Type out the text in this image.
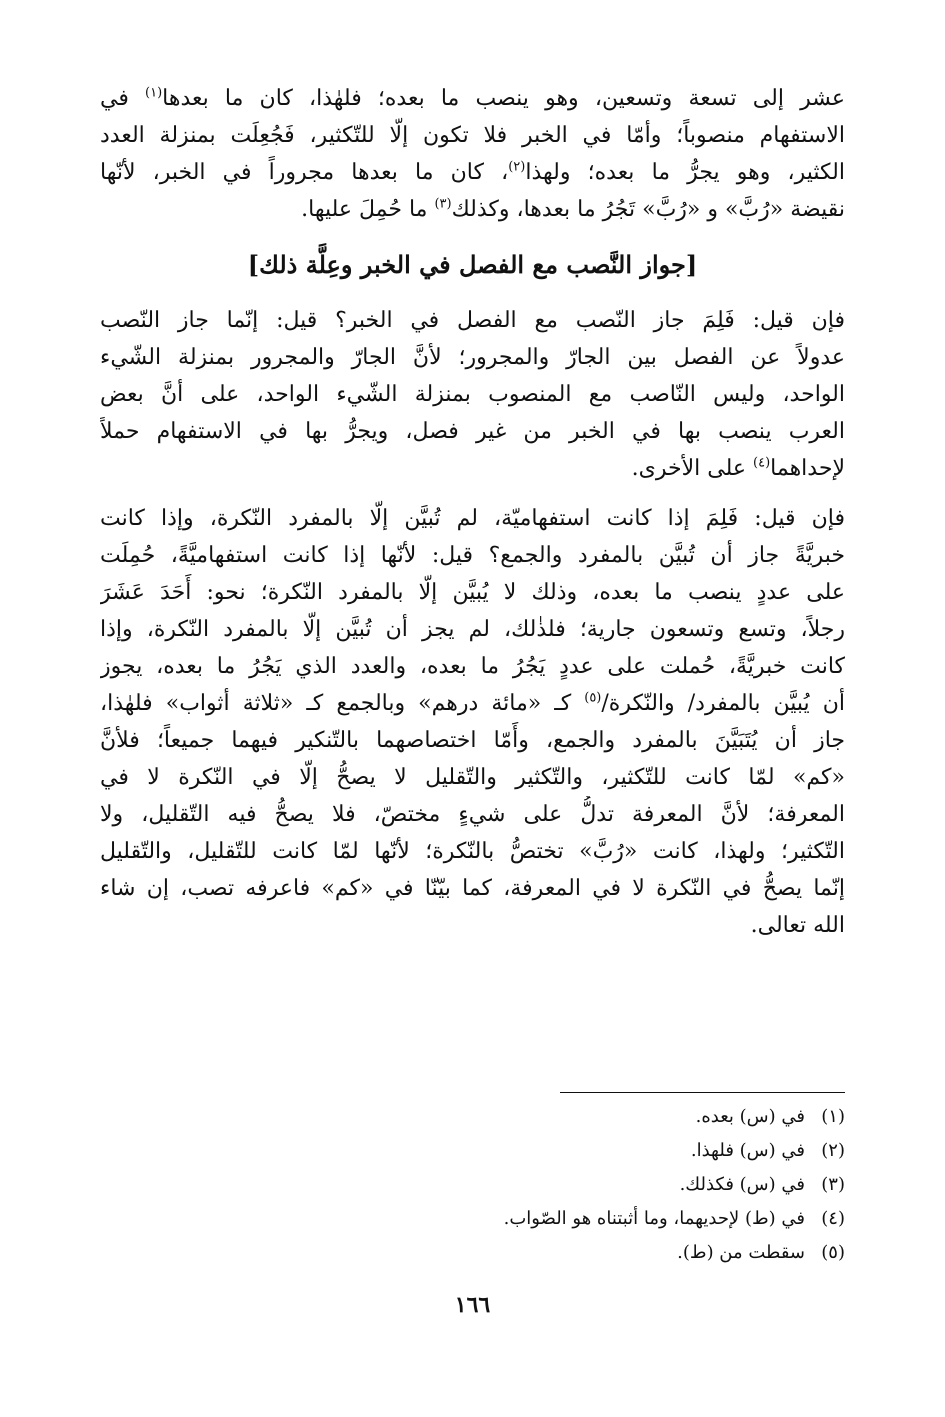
عشر إلى تسعة وتسعين، وهو ينصب ما بعده؛ فلهٰذا، كان ما بعدها$^{(١)}$ في
الاستفهام منصوباً؛ وأمّا في الخبر فلا تكون إلّا للتّكثير، فَجُعِلَت بمنزلة العدد
الكثير، وهو يجرُّ ما بعده؛ ولهذا$^{(٢)}$، كان ما بعدها مجروراً في الخبر، لأنّها
نقيضة «رُبَّ» و «رُبَّ» تَجُرُ ما بعدها، وكذلك$^{(٣)}$ ما حُمِلَ عليها.
[جواز النَّصب مع الفصل في الخبر وعِلَّة ذلك]
فإن قيل: فَلِمَ جاز النّصب مع الفصل في الخبر؟ قيل: إنّما جاز النّصب
عدولاً عن الفصل بين الجارّ والمجرور؛ لأنَّ الجارّ والمجرور بمنزلة الشّيء
الواحد، وليس النّاصب مع المنصوب بمنزلة الشّيء الواحد، على أنَّ بعض
العرب ينصب بها في الخبر من غير فصل، ويجرُّ بها في الاستفهام حملاً
لإحداهما$^{(٤)}$ على الأخرى.
فإن قيل: فَلِمَ إذا كانت استفهاميّة، لم تُبيَّن إلّا بالمفرد النّكرة، وإذا كانت
خبريَّةً جاز أن تُبيَّن بالمفرد والجمع؟ قيل: لأنّها إذا كانت استفهاميَّةً، حُمِلَت
على عددٍ ينصب ما بعده، وذلك لا يُبيَّن إلّا بالمفرد النّكرة؛ نحو: أَحَدَ عَشَرَ
رجلاً، وتسع وتسعون جارية؛ فلذٰلك، لم يجز أن تُبيَّن إلّا بالمفرد النّكرة، وإذا
كانت خبريَّةً، حُملت على عددٍ يَجُرُ ما بعده، والعدد الذي يَجُرُ ما بعده، يجوز
أن يُبيَّن بالمفرد/ والنّكرة/$^{(٥)}$ كـ «مائة درهم» وبالجمع كـ «ثلاثة أثواب» فلهٰذا،
جاز أن يُتَبَيَّنَ بالمفرد والجمع، وأَمّا اختصاصهما بالتّنكير فيهما جميعاً؛ فلأنَّ
«كم» لمّا كانت للتّكثير، والتّكثير والتّقليل لا يصحُّ إلّا في النّكرة لا في
المعرفة؛ لأنَّ المعرفة تدلُّ على شيءٍ مختصّ، فلا يصحُّ فيه التّقليل، ولا
التّكثير؛ ولهذا، كانت «رُبَّ» تختصُّ بالنّكرة؛ لأنّها لمّا كانت للتّقليل، والتّقليل
إنّما يصحُّ في النّكرة لا في المعرفة، كما بيّنّا في «كم» فاعرفه تصب، إن شاء
الله تعالى.
(١)في (س) بعده.
(٢)في (س) فلهذا.
(٣)في (س) فكذلك.
(٤)في (ط) لإحديهما، وما أثبتناه هو الصّواب.
(٥)سقطت من (ط).
١٦٦
